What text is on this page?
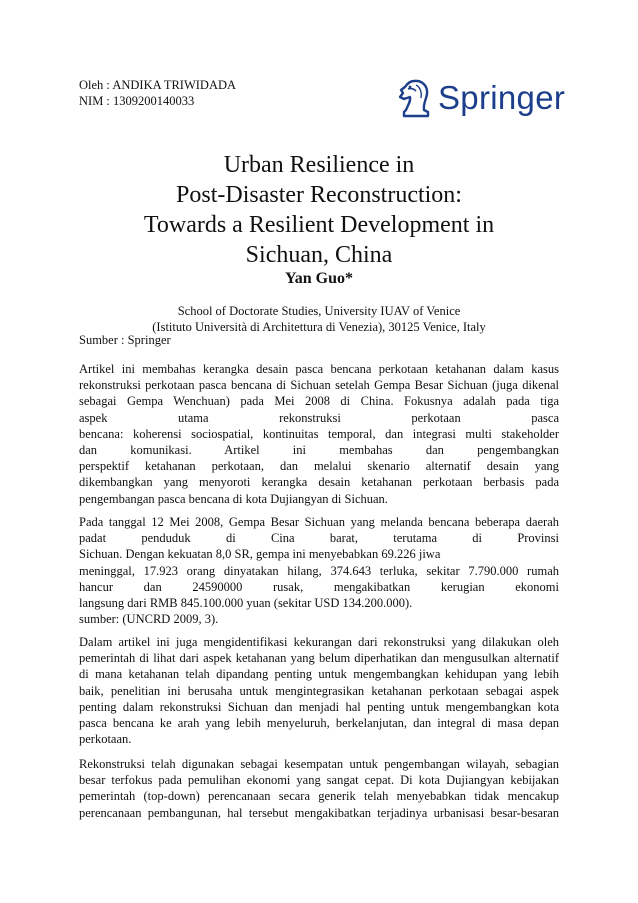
Oleh : ANDIKA TRIWIDADA
NIM : 1309200140033	Springer
Urban Resilience in
Post-Disaster Reconstruction:
Towards a Resilient Development in
Sichuan, China
Yan Guo*
School of Doctorate Studies, University IUAV of Venice
(Istituto Università di Architettura di Venezia), 30125 Venice, Italy
Sumber : Springer

Artikel ini membahas kerangka desain pasca bencana perkotaan ketahanan dalam kasus

rekonstruksi perkotaan pasca bencana di Sichuan setelah Gempa Besar Sichuan (juga dikenal

sebagai Gempa Wenchuan) pada Mei 2008 di China. Fokusnya adalah pada tiga

aspek utama rekonstruksi perkotaan pasca

bencana: koherensi sociospatial, kontinuitas temporal, dan integrasi multi stakeholder

dan komunikasi. Artikel ini membahas dan pengembangkan

perspektif ketahanan perkotaan, dan melalui skenario alternatif desain yang

dikembangkan yang menyoroti kerangka desain ketahanan perkotaan berbasis pada

pengembangan pasca bencana di kota Dujiangyan di Sichuan.

Pada tanggal 12 Mei 2008, Gempa Besar Sichuan yang melanda bencana beberapa daerah

padat penduduk di Cina barat, terutama di Provinsi

Sichuan. Dengan kekuatan 8,0 SR, gempa ini menyebabkan 69.226 jiwa

meninggal, 17.923 orang dinyatakan hilang, 374.643 terluka, sekitar 7.790.000 rumah

hancur dan 24590000 rusak, mengakibatkan kerugian ekonomi

langsung dari RMB 845.100.000 yuan (sekitar USD 134.200.000).

sumber: (UNCRD 2009, 3).

Dalam artikel ini juga mengidentifikasi kekurangan dari rekonstruksi yang dilakukan oleh

pemerintah di lihat dari aspek ketahanan yang belum diperhatikan dan mengusulkan alternatif

di mana ketahanan telah dipandang penting untuk mengembangkan kehidupan yang lebih

baik, penelitian ini berusaha untuk mengintegrasikan ketahanan perkotaan sebagai aspek

penting dalam rekonstruksi Sichuan dan menjadi hal penting untuk mengembangkan kota

pasca bencana ke arah yang lebih menyeluruh, berkelanjutan, dan integral di masa depan

perkotaan.

Rekonstruksi telah digunakan sebagai kesempatan untuk pengembangan wilayah, sebagian

besar terfokus pada pemulihan ekonomi yang sangat cepat. Di kota Dujiangyan kebijakan

pemerintah (top-down) perencanaan secara generik telah menyebabkan tidak mencakup

perencanaan pembangunan, hal tersebut mengakibatkan terjadinya urbanisasi besar-besaran
